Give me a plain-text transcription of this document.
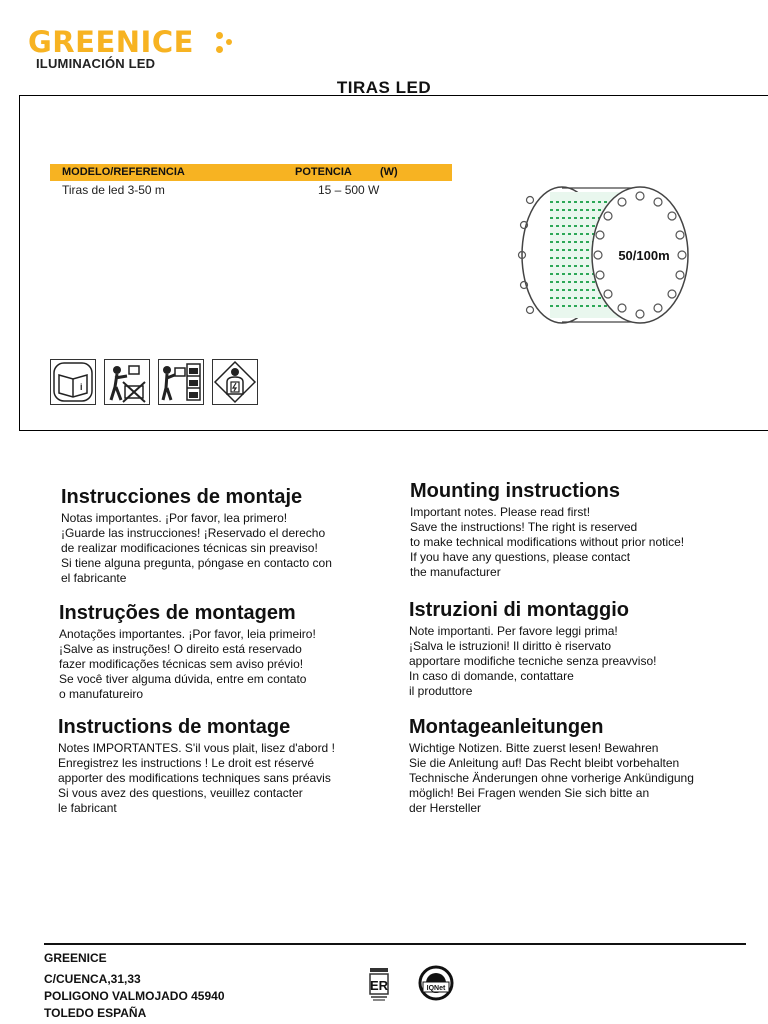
GREENICE
ILUMINACIÓN LED
TIRAS LED
MODELO/REFERENCIA	POTENCIA	(W)
Tiras de led 3-50 m	15 – 500 W
50/100m
i
Instrucciones de montaje
Notas importantes. ¡Por favor, lea primero!
¡Guarde las instrucciones! ¡Reservado el derecho
de realizar modificaciones técnicas sin preaviso!
Si tiene alguna pregunta, póngase en contacto con
el fabricante
Mounting instructions
Important notes. Please read first!
Save the instructions! The right is reserved
to make technical modifications without prior notice!
If you have any questions, please contact
the manufacturer
Instruções de montagem
Anotações importantes. ¡Por favor, leia primeiro!
¡Salve as instruções! O direito está reservado
fazer modificações técnicas sem aviso prévio!
Se você tiver alguma dúvida, entre em contato
o manufatureiro
Istruzioni di montaggio
Note importanti. Per favore leggi prima!
¡Salva le istruzioni! Il diritto è riservato
apportare modifiche tecniche senza preavviso!
In caso di domande, contattare
il produttore
Instructions de montage
Notes IMPORTANTES. S'il vous plait, lisez d'abord !
Enregistrez les instructions ! Le droit est réservé
apporter des modifications techniques sans préavis
Si vous avez des questions, veuillez contacter
le fabricant
Montageanleitungen
Wichtige Notizen. Bitte zuerst lesen! Bewahren
Sie die Anleitung auf! Das Recht bleibt vorbehalten
Technische Änderungen ohne vorherige Ankündigung
möglich! Bei Fragen wenden Sie sich bitte an
der Hersteller
GREENICE
C/CUENCA,31,33
POLIGONO VALMOJADO 45940
TOLEDO ESPAÑA
ER	IQNet
